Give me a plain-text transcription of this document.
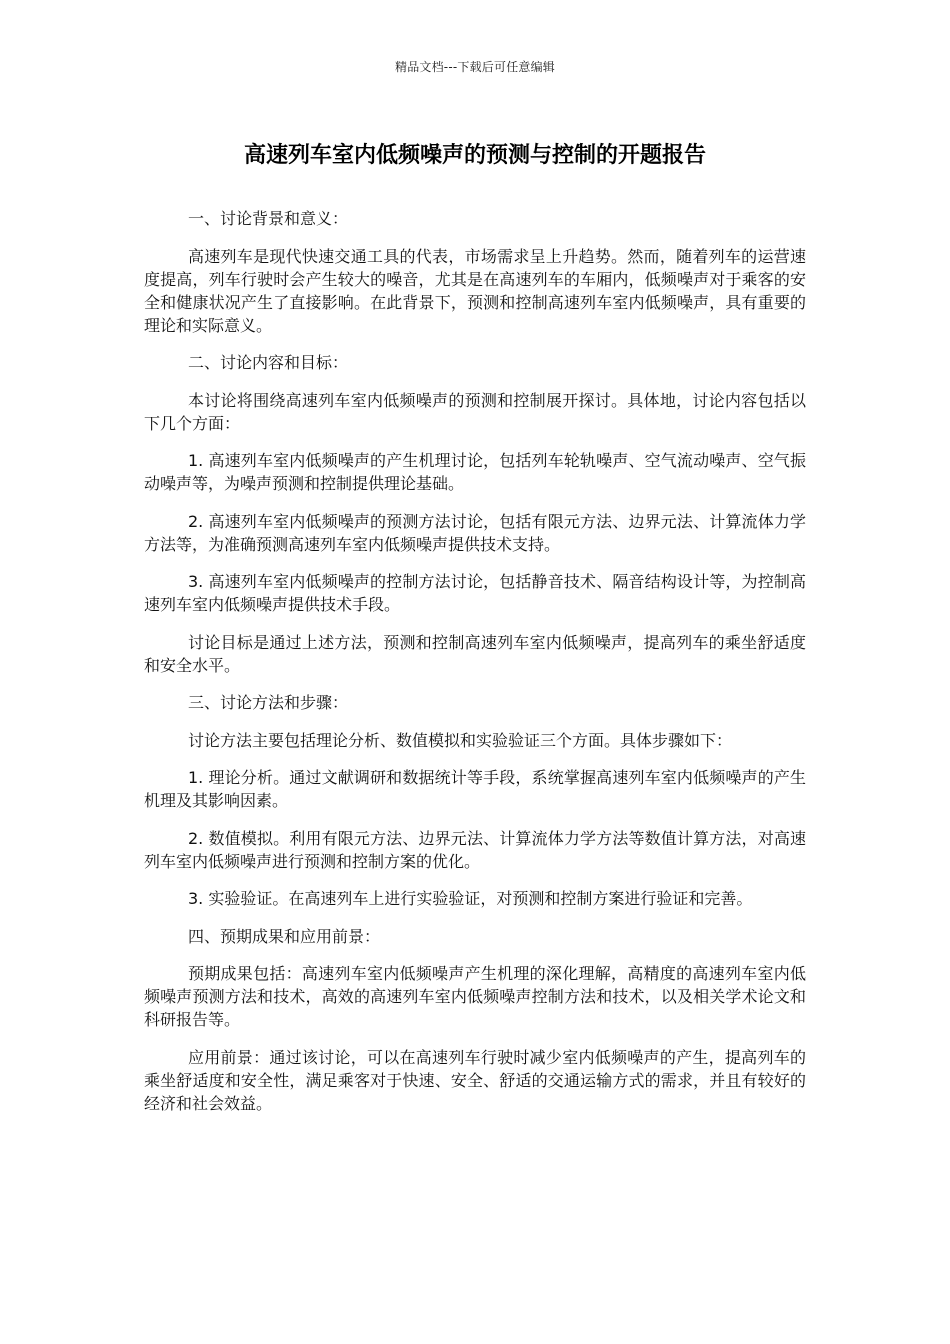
精品文档---下载后可任意编辑
高速列车室内低频噪声的预测与控制的开题报告

一、讨论背景和意义：

高速列车是现代快速交通工具的代表，市场需求呈上升趋势。然而，随着列车的运营速度提高，列车行驶时会产生较大的噪音，尤其是在高速列车的车厢内，低频噪声对于乘客的安全和健康状况产生了直接影响。在此背景下，预测和控制高速列车室内低频噪声，具有重要的理论和实际意义。

二、讨论内容和目标：

本讨论将围绕高速列车室内低频噪声的预测和控制展开探讨。具体地，讨论内容包括以下几个方面：

1. 高速列车室内低频噪声的产生机理讨论，包括列车轮轨噪声、空气流动噪声、空气振动噪声等，为噪声预测和控制提供理论基础。

2. 高速列车室内低频噪声的预测方法讨论，包括有限元方法、边界元法、计算流体力学方法等，为准确预测高速列车室内低频噪声提供技术支持。

3. 高速列车室内低频噪声的控制方法讨论，包括静音技术、隔音结构设计等，为控制高速列车室内低频噪声提供技术手段。

讨论目标是通过上述方法，预测和控制高速列车室内低频噪声，提高列车的乘坐舒适度和安全水平。

三、讨论方法和步骤：

讨论方法主要包括理论分析、数值模拟和实验验证三个方面。具体步骤如下：

1. 理论分析。通过文献调研和数据统计等手段，系统掌握高速列车室内低频噪声的产生机理及其影响因素。

2. 数值模拟。利用有限元方法、边界元法、计算流体力学方法等数值计算方法，对高速列车室内低频噪声进行预测和控制方案的优化。

3. 实验验证。在高速列车上进行实验验证，对预测和控制方案进行验证和完善。

四、预期成果和应用前景：

预期成果包括：高速列车室内低频噪声产生机理的深化理解，高精度的高速列车室内低频噪声预测方法和技术，高效的高速列车室内低频噪声控制方法和技术，以及相关学术论文和科研报告等。

应用前景：通过该讨论，可以在高速列车行驶时减少室内低频噪声的产生，提高列车的乘坐舒适度和安全性，满足乘客对于快速、安全、舒适的交通运输方式的需求，并且有较好的经济和社会效益。
